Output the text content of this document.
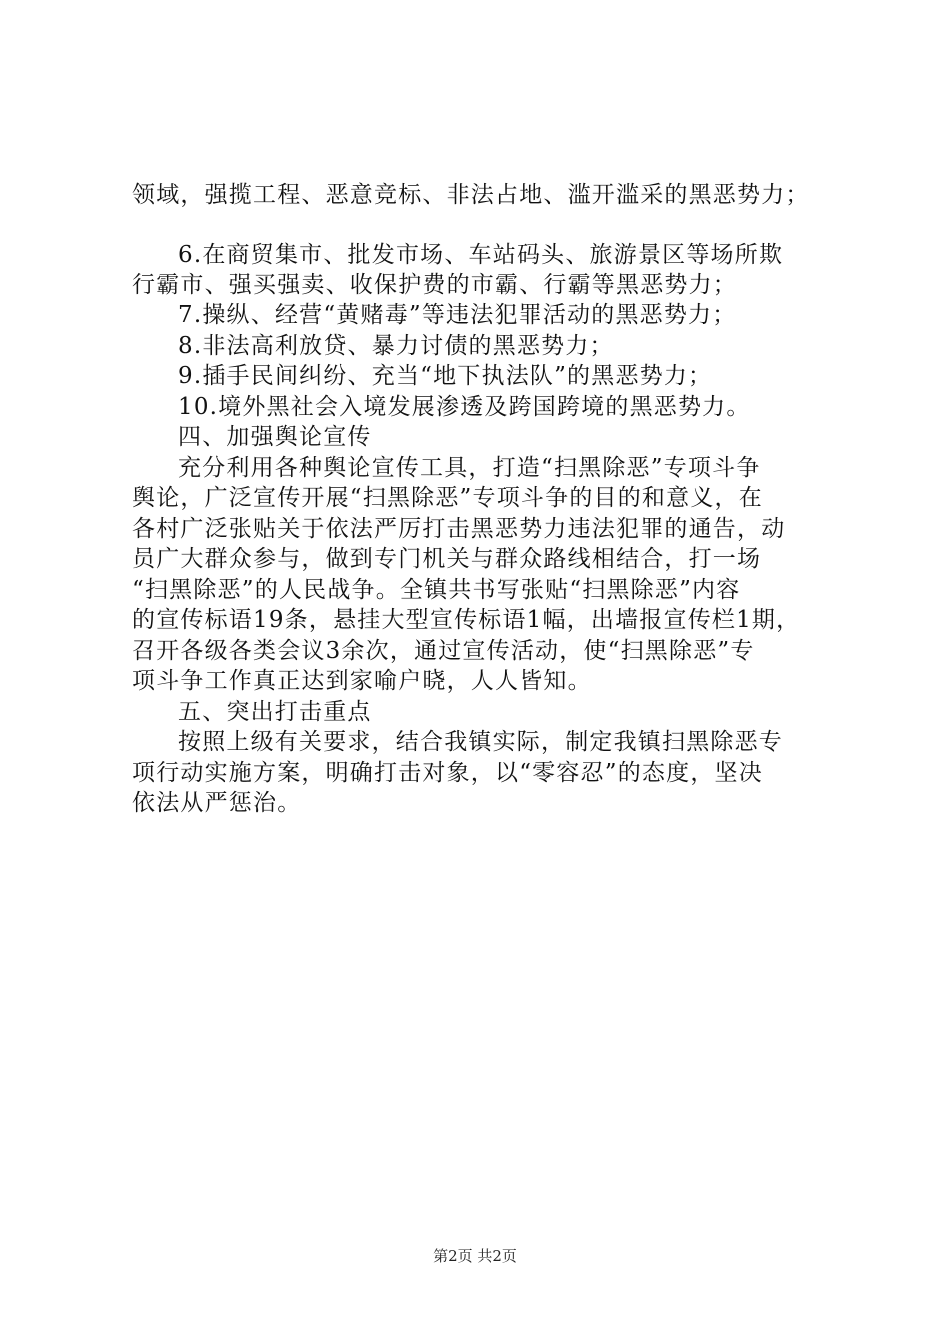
领域，强揽工程、恶意竞标、非法占地、滥开滥采的黑恶势力；
6.在商贸集市、批发市场、车站码头、旅游景区等场所欺
行霸市、强买强卖、收保护费的市霸、行霸等黑恶势力；
7.操纵、经营“黄赌毒”等违法犯罪活动的黑恶势力；
8.非法高利放贷、暴力讨债的黑恶势力；
9.插手民间纠纷、充当“地下执法队”的黑恶势力；
10.境外黑社会入境发展渗透及跨国跨境的黑恶势力。
四、加强舆论宣传
充分利用各种舆论宣传工具，打造“扫黑除恶”专项斗争
舆论，广泛宣传开展“扫黑除恶”专项斗争的目的和意义，在
各村广泛张贴关于依法严厉打击黑恶势力违法犯罪的通告，动
员广大群众参与，做到专门机关与群众路线相结合，打一场
“扫黑除恶”的人民战争。全镇共书写张贴“扫黑除恶”内容
的宣传标语19条，悬挂大型宣传标语1幅，出墙报宣传栏1期，
召开各级各类会议3余次，通过宣传活动，使“扫黑除恶”专
项斗争工作真正达到家喻户晓，人人皆知。
五、突出打击重点
按照上级有关要求，结合我镇实际，制定我镇扫黑除恶专
项行动实施方案，明确打击对象，以“零容忍”的态度，坚决
依法从严惩治。
第2页 共2页
